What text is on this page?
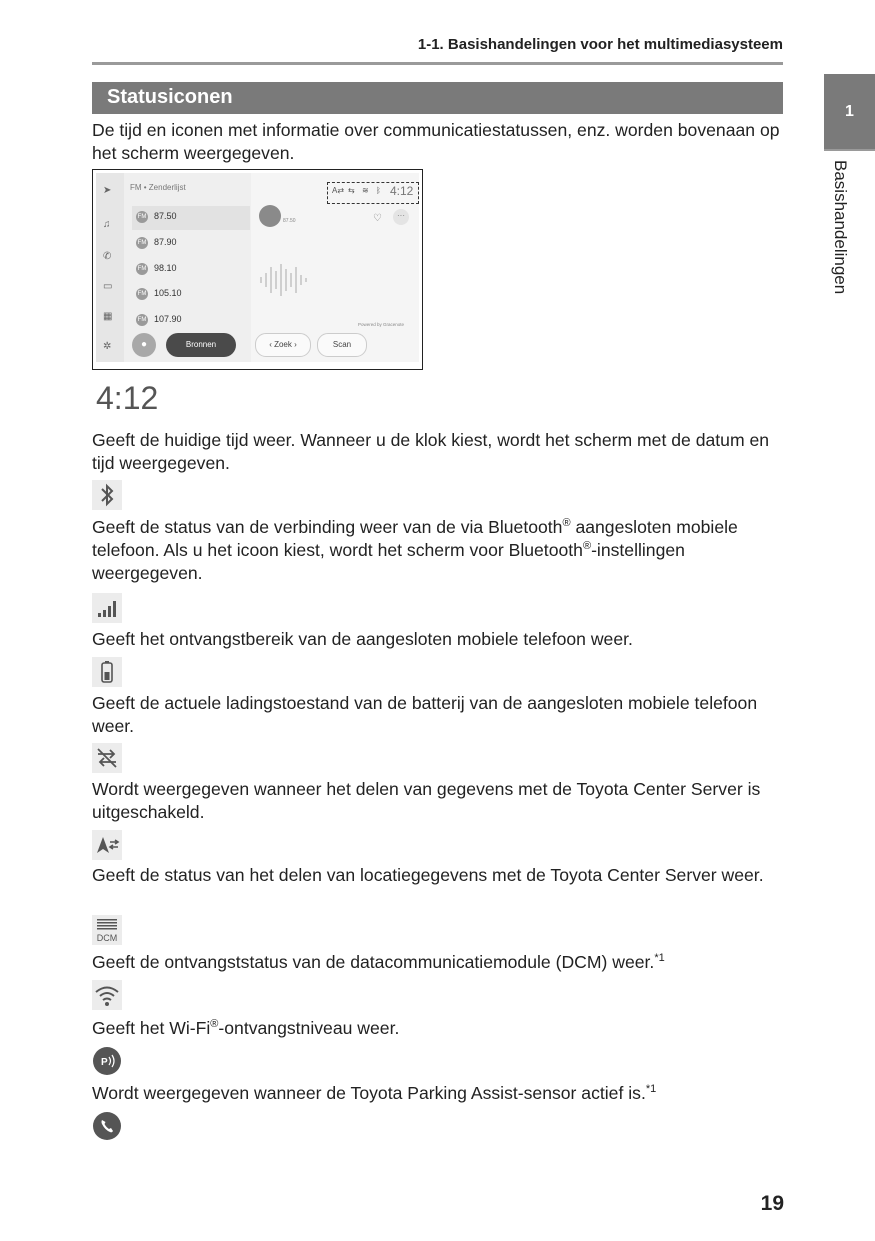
1-1. Basishandelingen voor het multimediasysteem
1
Basishandelingen
Statusiconen
De tijd en iconen met informatie over communicatiestatussen, enz. worden bovenaan op het scherm weergegeven.
➤
♫
✆
▭
▦
✲
FM • Zenderlijst
FM 87.50
FM 87.90
FM 98.10
FM 105.10
FM 107.90
●	Bronnen
87.50	♡	···
Powered by Gracenote
A⇄ ⇆ ≋ ᛒ 4:12
‹ Zoek ›	Scan
4:12
Geeft de huidige tijd weer. Wanneer u de klok kiest, wordt het scherm met de datum en tijd weergegeven.
Geeft de status van de verbinding weer van de via Bluetooth® aangesloten mobiele telefoon. Als u het icoon kiest, wordt het scherm voor Bluetooth®-instellingen weergegeven.
Geeft het ontvangstbereik van de aangesloten mobiele telefoon weer.
Geeft de actuele ladingstoestand van de batterij van de aangesloten mobiele telefoon weer.
Wordt weergegeven wanneer het delen van gegevens met de Toyota Center Server is uitgeschakeld.
Geeft de status van het delen van locatiegegevens met de Toyota Center Server weer.
DCM
Geeft de ontvangststatus van de datacommunicatiemodule (DCM) weer.$^{*1}$
Geeft het Wi-Fi®-ontvangstniveau weer.
P
Wordt weergegeven wanneer de Toyota Parking Assist-sensor actief is.$^{*1}$
19
